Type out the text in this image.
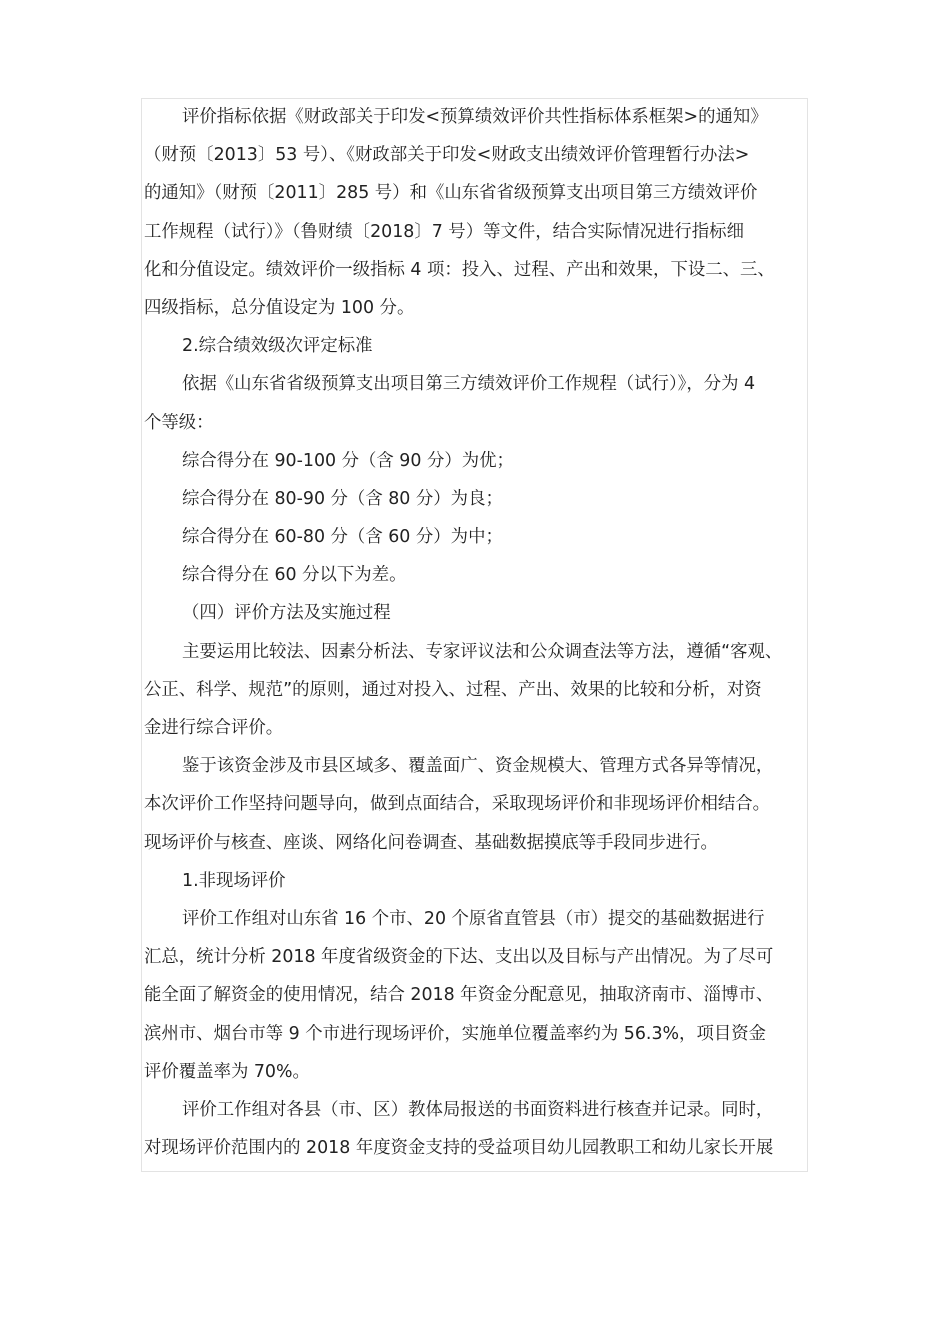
评价指标依据《财政部关于印发<预算绩效评价共性指标体系框架>的通知》
（财预〔2013〕53 号）、《财政部关于印发<财政支出绩效评价管理暂行办法>
的通知》（财预〔2011〕285 号）和《山东省省级预算支出项目第三方绩效评价
工作规程（试行）》（鲁财绩〔2018〕7 号）等文件，结合实际情况进行指标细
化和分值设定。绩效评价一级指标 4 项：投入、过程、产出和效果，下设二、三、
四级指标，总分值设定为 100 分。
2.综合绩效级次评定标准
依据《山东省省级预算支出项目第三方绩效评价工作规程（试行）》，分为 4
个等级：
综合得分在 90-100 分（含 90 分）为优；
综合得分在 80-90 分（含 80 分）为良；
综合得分在 60-80 分（含 60 分）为中；
综合得分在 60 分以下为差。
（四）评价方法及实施过程
主要运用比较法、因素分析法、专家评议法和公众调查法等方法，遵循“客观、
公正、科学、规范”的原则，通过对投入、过程、产出、效果的比较和分析，对资
金进行综合评价。
鉴于该资金涉及市县区域多、覆盖面广、资金规模大、管理方式各异等情况，
本次评价工作坚持问题导向，做到点面结合，采取现场评价和非现场评价相结合。
现场评价与核查、座谈、网络化问卷调查、基础数据摸底等手段同步进行。
1.非现场评价
评价工作组对山东省 16 个市、20 个原省直管县（市）提交的基础数据进行
汇总，统计分析 2018 年度省级资金的下达、支出以及目标与产出情况。为了尽可
能全面了解资金的使用情况，结合 2018 年资金分配意见，抽取济南市、淄博市、
滨州市、烟台市等 9 个市进行现场评价，实施单位覆盖率约为 56.3%，项目资金
评价覆盖率为 70%。
评价工作组对各县（市、区）教体局报送的书面资料进行核查并记录。同时，
对现场评价范围内的 2018 年度资金支持的受益项目幼儿园教职工和幼儿家长开展
